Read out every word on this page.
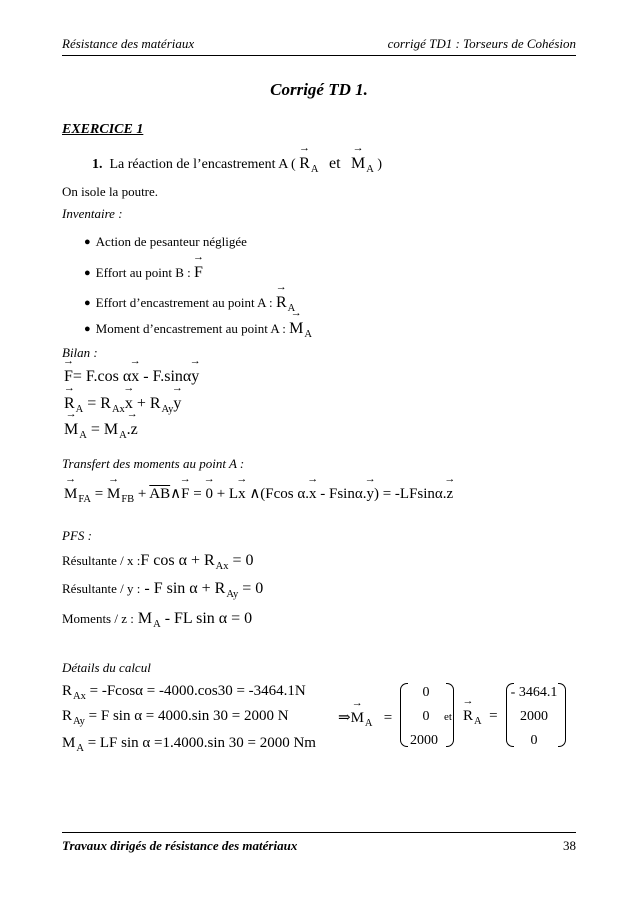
Résistance des matériaux	corrigé TD1 : Torseurs de Cohésion
Corrigé TD 1.
EXERCICE 1
1. La réaction de l’encastrement A ( → $R_A$ et → $M_A$ )
On isole la poutre.
Inventaire :
● Action de pesanteur négligée
● Effort au point B : → F
● Effort d’encastrement au point A : → $R_A$
● Moment d’encastrement au point A : → $M_A$
Bilan :
→ F= F.cos α→ x - F.sinα→ y
→ $R_A = R_{Ax}\to x + R_{Ay}\to y$
→ $M_A = M_A\to .z$
Transfert des moments au point A :
→ $M_{FA}$ = → $M_{FB}$ + $\overline{AB}\wedge\to F$ = → 0 + L→ x ∧(Fcos α.→ x - Fsinα.→ y) = -LFsinα.→ z
PFS :
Résultante / x :F $\cos \alpha + R_{Ax} = 0$
Résultante / y : - F $\sin \alpha + R_{Ay} = 0$
Moments / z : $M_A$ - FL sin α = 0
Détails du calcul
$R_{Ax} = -Fcos\alpha = -4000.\cos 30 = -3464.1N$
$R_{Ay} = F$ sin α = 4000.sin 30 = 2000 N
$M_A$ = LF sin α =1.4000.sin 30 = 2000 Nm
⇒→ $M_A$ =
0
0
2000
et → $R_A$ =
- 3464.1
2000
0
Travaux dirigés de résistance des matériaux	38
